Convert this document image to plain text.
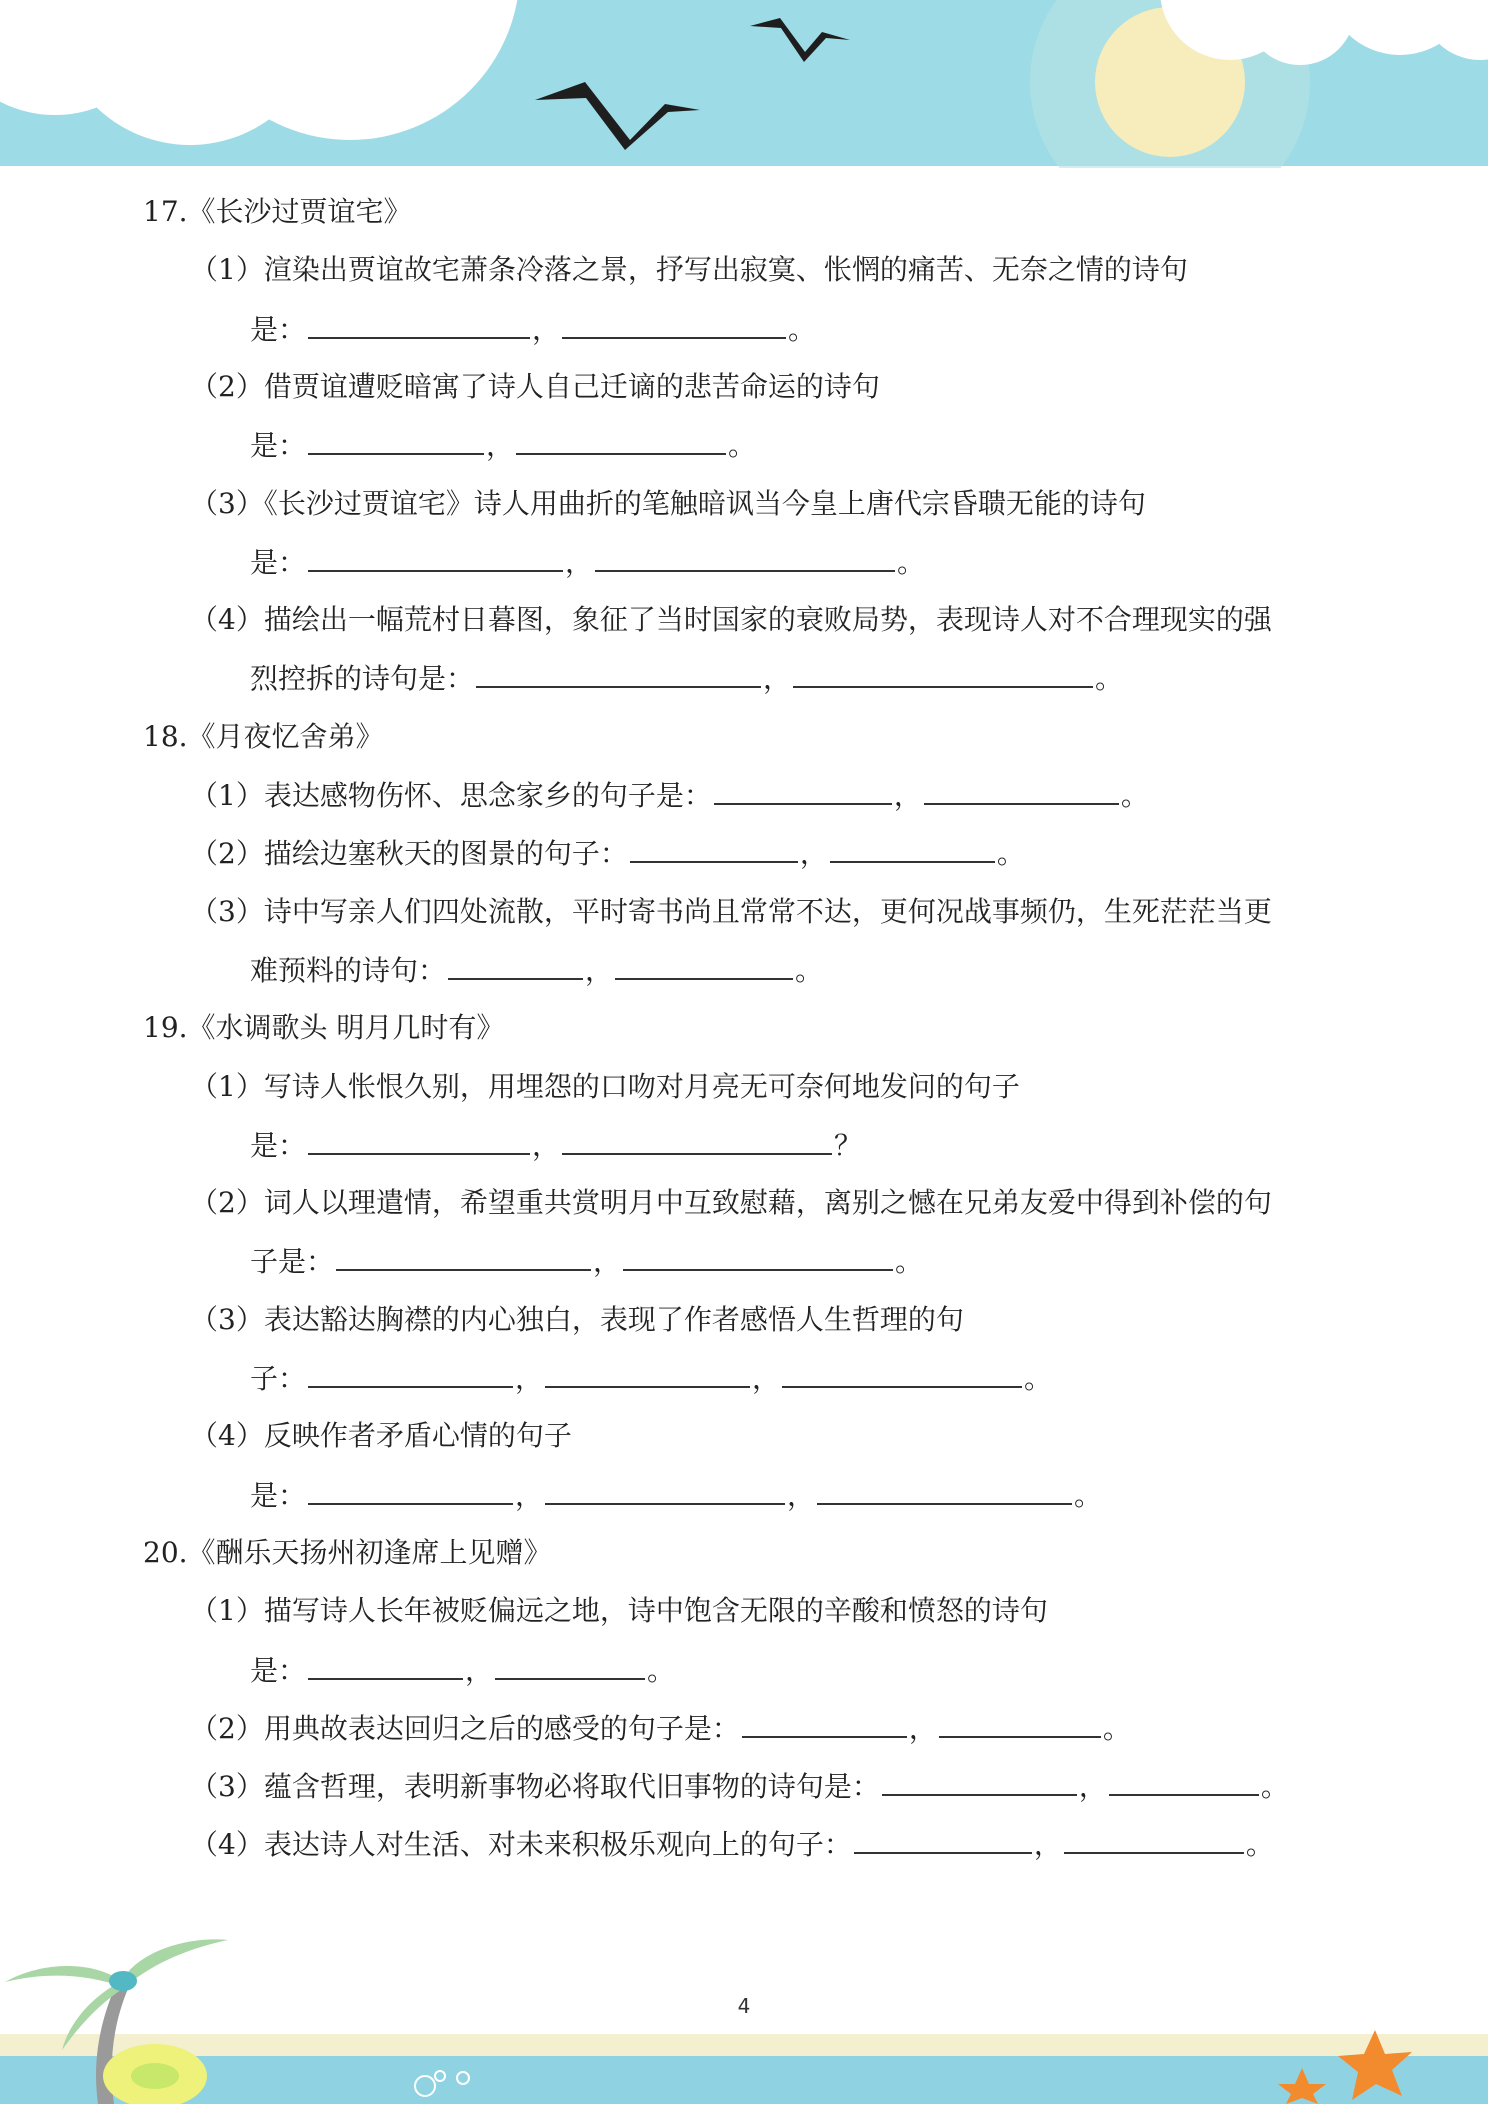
17.《长沙过贾谊宅》
（1）渲染出贾谊故宅萧条冷落之景，抒写出寂寞、怅惘的痛苦、无奈之情的诗句
是：	，	。
（2）借贾谊遭贬暗寓了诗人自己迁谪的悲苦命运的诗句
是：	，	。
（3）《长沙过贾谊宅》诗人用曲折的笔触暗讽当今皇上唐代宗昏聩无能的诗句
是：	，	。
（4）描绘出一幅荒村日暮图，象征了当时国家的衰败局势，表现诗人对不合理现实的强
烈控拆的诗句是：	，	。
18.《月夜忆舍弟》
（1）表达感物伤怀、思念家乡的句子是：	，	。
（2）描绘边塞秋天的图景的句子：	，	。
（3）诗中写亲人们四处流散，平时寄书尚且常常不达，更何况战事频仍，生死茫茫当更
难预料的诗句：	，	。
19.《水调歌头 明月几时有》
（1）写诗人怅恨久别，用埋怨的口吻对月亮无可奈何地发问的句子
是：	，	？
（2）词人以理遣情，希望重共赏明月中互致慰藉，离别之憾在兄弟友爱中得到补偿的句
子是：	，	。
（3）表达豁达胸襟的内心独白，表现了作者感悟人生哲理的句
子：	，	，	。
（4）反映作者矛盾心情的句子
是：	，	，	。
20.《酬乐天扬州初逢席上见赠》
（1）描写诗人长年被贬偏远之地，诗中饱含无限的辛酸和愤怒的诗句
是：	，	。
（2）用典故表达回归之后的感受的句子是：	，	。
（3）蕴含哲理，表明新事物必将取代旧事物的诗句是：	，	。
（4）表达诗人对生活、对未来积极乐观向上的句子：	，	。
4
